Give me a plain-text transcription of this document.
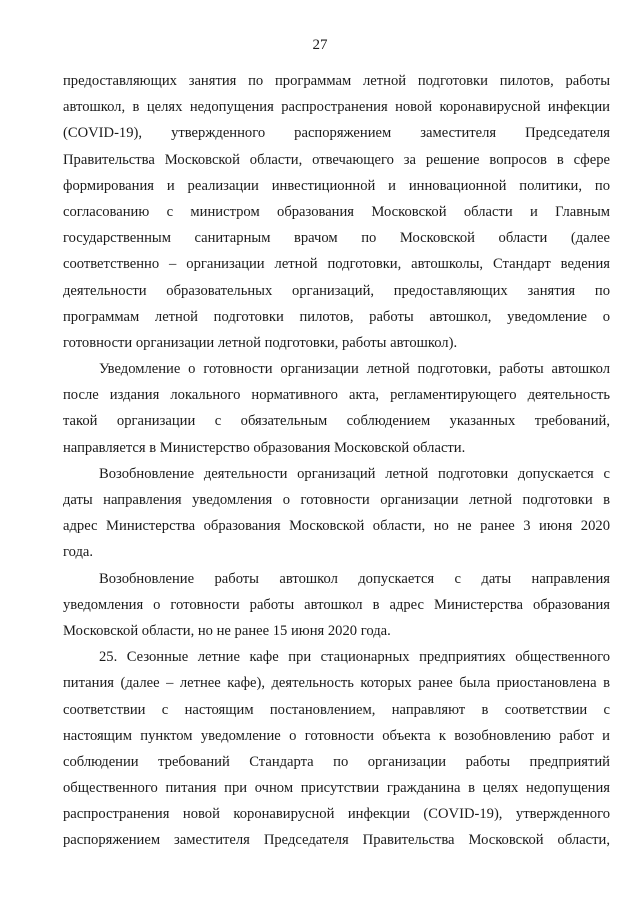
27
предоставляющих занятия по программам летной подготовки пилотов, работы
автошкол, в целях недопущения распространения новой коронавирусной инфекции
(COVID-19), утвержденного распоряжением заместителя Председателя
Правительства Московской области, отвечающего за решение вопросов в сфере
формирования и реализации инвестиционной и инновационной политики, по
согласованию с министром образования Московской области и Главным
государственным санитарным врачом по Московской области (далее
соответственно – организации летной подготовки, автошколы, Стандарт ведения
деятельности образовательных организаций, предоставляющих занятия по
программам летной подготовки пилотов, работы автошкол, уведомление о
готовности организации летной подготовки, работы автошкол).
Уведомление о готовности организации летной подготовки, работы автошкол
после издания локального нормативного акта, регламентирующего деятельность
такой организации с обязательным соблюдением указанных требований,
направляется в Министерство образования Московской области.
Возобновление деятельности организаций летной подготовки допускается с
даты направления уведомления о готовности организации летной подготовки в
адрес Министерства образования Московской области, но не ранее 3 июня 2020
года.
Возобновление работы автошкол допускается с даты направления
уведомления о готовности работы автошкол в адрес Министерства образования
Московской области, но не ранее 15 июня 2020 года.
25. Сезонные летние кафе при стационарных предприятиях общественного
питания (далее – летнее кафе), деятельность которых ранее была приостановлена в
соответствии с настоящим постановлением, направляют в соответствии с
настоящим пунктом уведомление о готовности объекта к возобновлению работ и
соблюдении требований Стандарта по организации работы предприятий
общественного питания при очном присутствии гражданина в целях недопущения
распространения новой коронавирусной инфекции (COVID-19), утвержденного
распоряжением заместителя Председателя Правительства Московской области,
